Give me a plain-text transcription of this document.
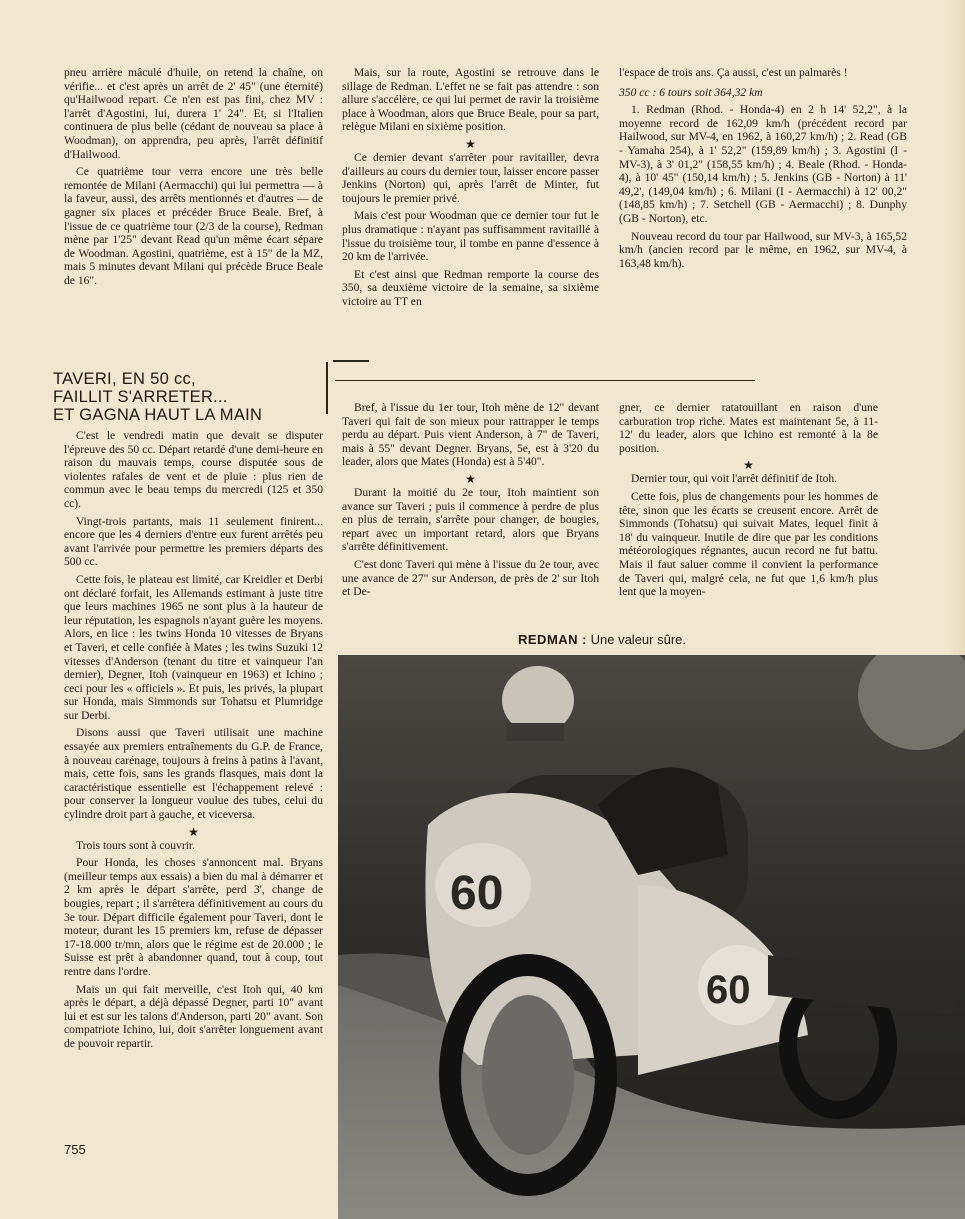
pneu arrière mâculé d'huile, on retend la chaîne, on vérifie... et c'est après un arrêt de 2' 45" (une éternité) qu'Hailwood repart. Ce n'en est pas fini, chez MV : l'arrêt d'Agostini, lui, durera 1' 24". Et, si l'Italien continuera de plus belle (cédant de nouveau sa place à Woodman), on apprendra, peu après, l'arrêt définitif d'Hailwood.

Ce quatrième tour verra encore une très belle remontée de Milani (Aermacchi) qui lui permettra — à la faveur, aussi, des arrêts mentionnés et d'autres — de gagner six places et précéder Bruce Beale. Bref, à l'issue de ce quatrième tour (2/3 de la course), Redman mène par 1'25" devant Read qu'un même écart sépare de Woodman. Agostini, quatrième, est à 15" de la MZ, mais 5 minutes devant Milani qui précède Bruce Beale de 16".

Mais, sur la route, Agostini se retrouve dans le sillage de Redman. L'effet ne se fait pas attendre : son allure s'accélère, ce qui lui permet de ravir la troisième place à Woodman, alors que Bruce Beale, pour sa part, relègue Milani en sixième position.

★

Ce dernier devant s'arrêter pour ravitailler, devra d'ailleurs au cours du dernier tour, laisser encore passer Jenkins (Norton) qui, après l'arrêt de Minter, fut toujours le premier privé.

Mais c'est pour Woodman que ce dernier tour fut le plus dramatique : n'ayant pas suffisamment ravitaillé à l'issue du troisième tour, il tombe en panne d'essence à 20 km de l'arrivée.

Et c'est ainsi que Redman remporte la course des 350, sa deuxième victoire de la semaine, sa sixième victoire au TT en

l'espace de trois ans. Ça aussi, c'est un palmarès !

350 cc : 6 tours soit 364,32 km

1. Redman (Rhod. - Honda-4) en 2 h 14' 52,2", à la moyenne record de 162,09 km/h (précédent record par Hailwood, sur MV-4, en 1962, à 160,27 km/h) ; 2. Read (GB - Yamaha 254), à 1' 52,2" (159,89 km/h) ; 3. Agostini (I - MV-3), à 3' 01,2" (158,55 km/h) ; 4. Beale (Rhod. - Honda-4), à 10' 45" (150,14 km/h) ; 5. Jenkins (GB - Norton) à 11' 49,2', (149,04 km/h) ; 6. Milani (I - Aermacchi) à 12' 00,2" (148,85 km/h) ; 7. Setchell (GB - Aermacchi) ; 8. Dunphy (GB - Norton), etc.

Nouveau record du tour par Hailwood, sur MV-3, à 165,52 km/h (ancien record par le même, en 1962, sur MV-4, à 163,48 km/h).

TAVERI, EN 50 cc,
FAILLIT S'ARRETER...
ET GAGNA HAUT LA MAIN

C'est le vendredi matin que devait se disputer l'épreuve des 50 cc. Départ retardé d'une demi-heure en raison du mauvais temps, course disputée sous de violentes rafales de vent et de pluie : plus rien de commun avec le beau temps du mercredi (125 et 350 cc).

Vingt-trois partants, mais 11 seulement finirent... encore que les 4 derniers d'entre eux furent arrêtés peu avant l'arrivée pour permettre les premiers départs des 500 cc.

Cette fois, le plateau est limité, car Kreidler et Derbi ont déclaré forfait, les Allemands estimant à juste titre que leurs machines 1965 ne sont plus à la hauteur de leur réputation, les espagnols n'ayant guère les moyens. Alors, en lice : les twins Honda 10 vitesses de Bryans et Taveri, et celle confiée à Mates ; les twins Suzuki 12 vitesses d'Anderson (tenant du titre et vainqueur l'an dernier), Degner, Itoh (vainqueur en 1963) et Ichino ; ceci pour les « officiels ». Et puis, les privés, la plupart sur Honda, mais Simmonds sur Tohatsu et Plumridge sur Derbi.

Disons aussi que Taveri utilisait une machine essayée aux premiers entraînements du G.P. de France, à nouveau carénage, toujours à freins à patins à l'avant, mais, cette fois, sans les grands flasques, mais dont la caractéristique essentielle est l'échappement relevé : pour conserver la longueur voulue des tubes, celui du cylindre droit part à gauche, et viceversa.

★

Trois tours sont à couvrir.

Pour Honda, les choses s'annoncent mal. Bryans (meilleur temps aux essais) a bien du mal à démarrer et 2 km après le départ s'arrête, perd 3', change de bougies, repart ; il s'arrêtera définitivement au cours du 3e tour. Départ difficile également pour Taveri, dont le moteur, durant les 15 premiers km, refuse de dépasser 17-18.000 tr/mn, alors que le régime est de 20.000 ; le Suisse est prêt à abandonner quand, tout à coup, tout rentre dans l'ordre.

Mais un qui fait merveille, c'est Itoh qui, 40 km après le départ, a déjà dépassé Degner, parti 10" avant lui et est sur les talons d'Anderson, parti 20" avant. Son compatriote Ichino, lui, doit s'arrêter longuement avant de pouvoir repartir.

Bref, à l'issue du 1er tour, Itoh mène de 12" devant Taveri qui fait de son mieux pour rattrapper le temps perdu au départ. Puis vient Anderson, à 7" de Taveri, mais à 55" devant Degner. Bryans, 5e, est à 3'20 du leader, alors que Mates (Honda) est à 5'40".

★

Durant la moitié du 2e tour, Itoh maintient son avance sur Taveri ; puis il commence à perdre de plus en plus de terrain, s'arrête pour changer, de bougies, repart avec un important retard, alors que Bryans s'arrête définitivement.

C'est donc Taveri qui mène à l'issue du 2e tour, avec une avance de 27" sur Anderson, de près de 2' sur Itoh et De-

gner, ce dernier ratatouillant en raison d'une carburation trop riche. Mates est maintenant 5e, à 11-12' du leader, alors que Ichino est remonté à la 8e position.

★

Dernier tour, qui voit l'arrêt définitif de Itoh.

Cette fois, plus de changements pour les hommes de tête, sinon que les écarts se creusent encore. Arrêt de Simmonds (Tohatsu) qui suivait Mates, lequel finit à 18' du vainqueur. Inutile de dire que par les conditions météorologiques régnantes, aucun record ne fut battu. Mais il faut saluer comme il convient la performance de Taveri qui, malgré cela, ne fut que 1,6 km/h plus lent que la moyen-

REDMAN : Une valeur sûre.
60
60
755
